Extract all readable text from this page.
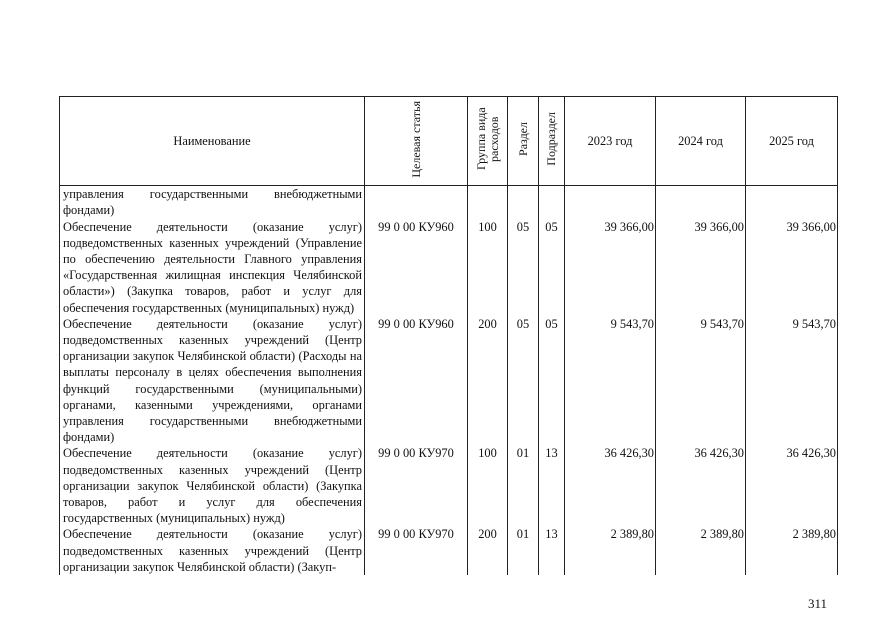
Наименование	Целевая статья	Группа вида расходов	Раздел	Подраздел	2023 год	2024 год	2025 год

управления государственными внебюджетными фондами)							

Обеспечение деятельности (оказание услуг) подведомственных казенных учреждений (Управление по обеспечению деятельности Главного управления «Государственная жилищная инспекция Челябинской области») (Закупка товаров, работ и услуг для обеспечения государственных (муниципальных) нужд)	99 0 00 КУ960	100	05	05	39 366,00	39 366,00	39 366,00

Обеспечение деятельности (оказание услуг) подведомственных казенных учреждений (Центр организации закупок Челябинской области) (Расходы на выплаты персоналу в целях обеспечения выполнения функций государственными (муниципальными) органами, казенными учреждениями, органами управления государственными внебюджетными фондами)	99 0 00 КУ960	200	05	05	9 543,70	9 543,70	9 543,70

Обеспечение деятельности (оказание услуг) подведомственных казенных учреждений (Центр организации закупок Челябинской области) (Закупка товаров, работ и услуг для обеспечения государственных (муниципальных) нужд)	99 0 00 КУ970	100	01	13	36 426,30	36 426,30	36 426,30

Обеспечение деятельности (оказание услуг) подведомственных казенных учреждений (Центр организации закупок Челябинской области) (Закуп-	99 0 00 КУ970	200	01	13	2 389,80	2 389,80	2 389,80
311
